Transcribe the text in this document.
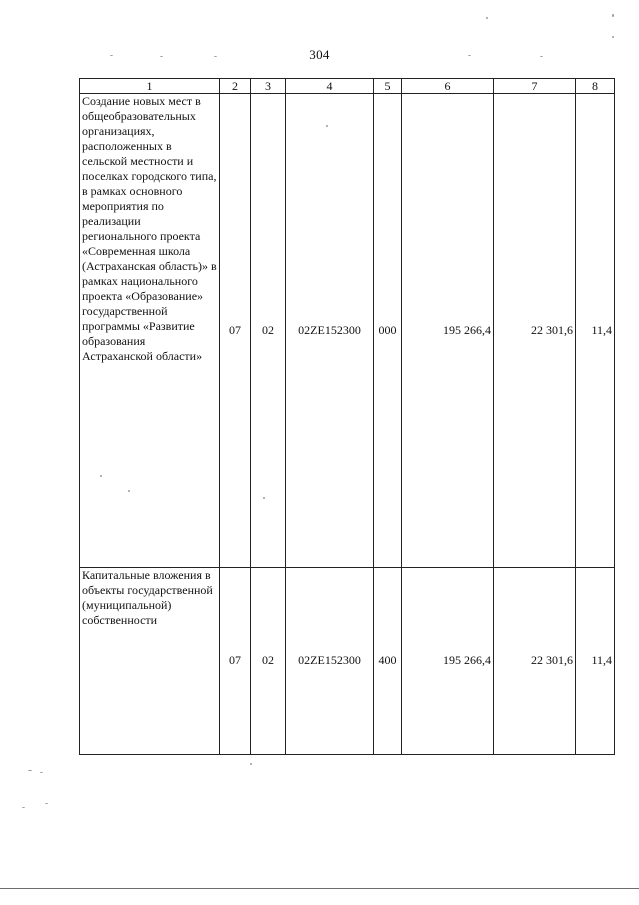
304
1	2	3	4	5	6	7	8

Создание новых мест в общеобразовательных организациях, расположенных в сельской местности и поселках городского типа, в рамках основного мероприятия по реализации регионального проекта «Современная школа (Астраханская область)» в рамках национального проекта «Образование» государственной программы «Развитие образования Астраханской области»	07	02	02ZE152300	000	195 266,4	22 301,6	11,4

Капитальные вложения в объекты государственной (муниципальной) собственности	07	02	02ZE152300	400	195 266,4	22 301,6	11,4
